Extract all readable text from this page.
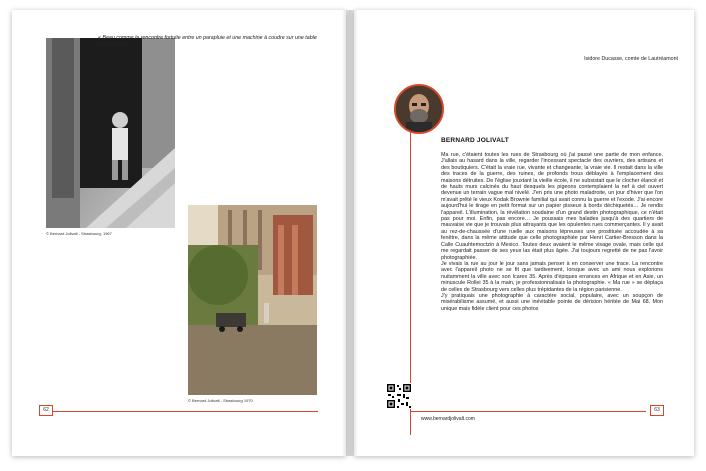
© Bernard Jolivalt - Strasbourg, 1967
© Bernard Jolivalt - Strasbourg 1970
62
« Beau comme la rencontre fortuite entre un parapluie et une machine à coudre sur une table de dissection »
Isidore Ducasse, comte de Lautréamont
BERNARD JOLIVALT

Ma rue, c'étaient toutes les rues de Strasbourg où j'ai passé une partie de mon enfance. J'allais au hasard dans la ville, regarder l'incessant spectacle des ouvriers, des artisans et des boutiquiers. C'était la vraie rue, vivante et changeante, la vraie vie. Il restait dans la ville des traces de la guerre, des ruines, de profonds trous déblayés à l'emplacement des maisons détruites. De l'église jouxtant la vieille école, il ne subsistait que le clocher élancé et de hauts murs calcinés du haut desquels les pigeons contemplaient la nef à ciel ouvert devenue un terrain vague mal nivelé. J'en pris une photo maladroite, un jour d'hiver que l'on m'avait prêté le vieux Kodak Brownie familial qui avait connu la guerre et l'exode. J'ai encore aujourd'hui le tirage en petit format sur un papier pisseux à bords déchiquetés… Je rendis l'appareil. L'illumination, la révélation soudaine d'un grand destin photographique, ce n'était pas pour moi. Enfin, pas encore… Je poussais mes balades jusqu'à des quartiers de mauvaise vie que je trouvais plus attrayants que les opulentes rues commerçantes. Il y avait au rez-de-chaussée d'une ruelle aux maisons lépreuses une prostituée accoudée à sa fenêtre, dans la même attitude que celle photographiée par Henri Cartier-Bresson dans la Calle Cuauhtemoctzin à Mexico. Toutes deux avaient le même visage ovale, mais celle qui me regardait passer de ses yeux las était plus âgée. J'ai toujours regretté de ne pas l'avoir photographiée.

Je vivais la rue au jour le jour sans jamais penser à en conserver une trace. La rencontre avec l'appareil photo ne se fit que tardivement, lorsque avec un ami nous explorions nuitamment la ville avec son Icarex 35. Après d'épiques errances en Afrique et en Asie, un minuscule Rollei 35 à la main, je professionnalisais la photographie. « Ma rue » se déplaça de celles de Strasbourg vers celles plus trépidantes de la région parisienne.

J'y pratiquais une photographie à caractère social, populaire, avec un soupçon de misérabilisme assumé, et aussi une inévitable pointe de dérision héritée de Mai 68. Mon unique mais fidèle client pour ces photos

www.bernardjolivalt.com
63
